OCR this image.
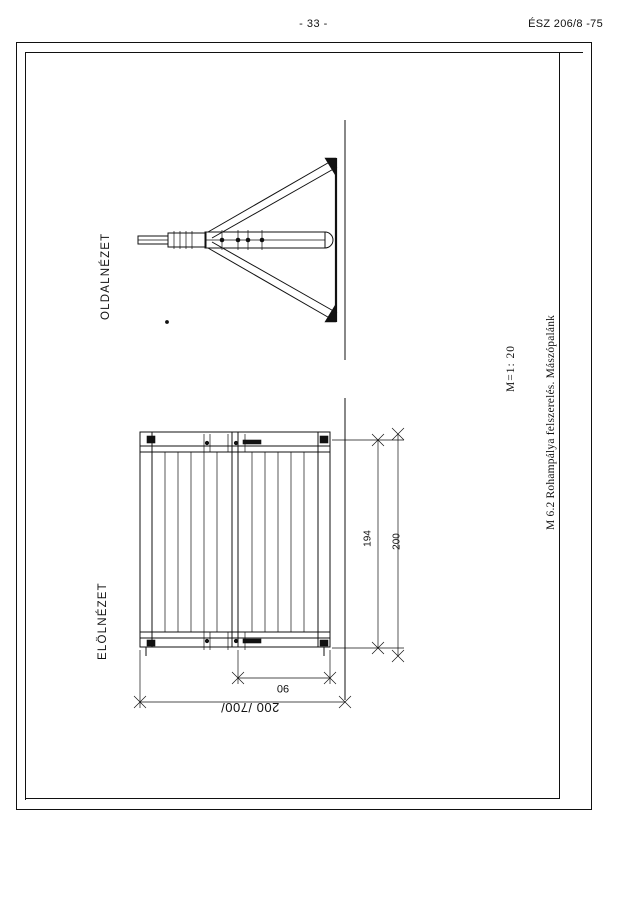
- 33 -	ÉSZ 206/8 -75
OLDALNÉZET
ELÖLNÉZET
M 6.2 Rohampálya felszerelés. Mászópalánk
M=1: 20
200 /700/
90
194 200
